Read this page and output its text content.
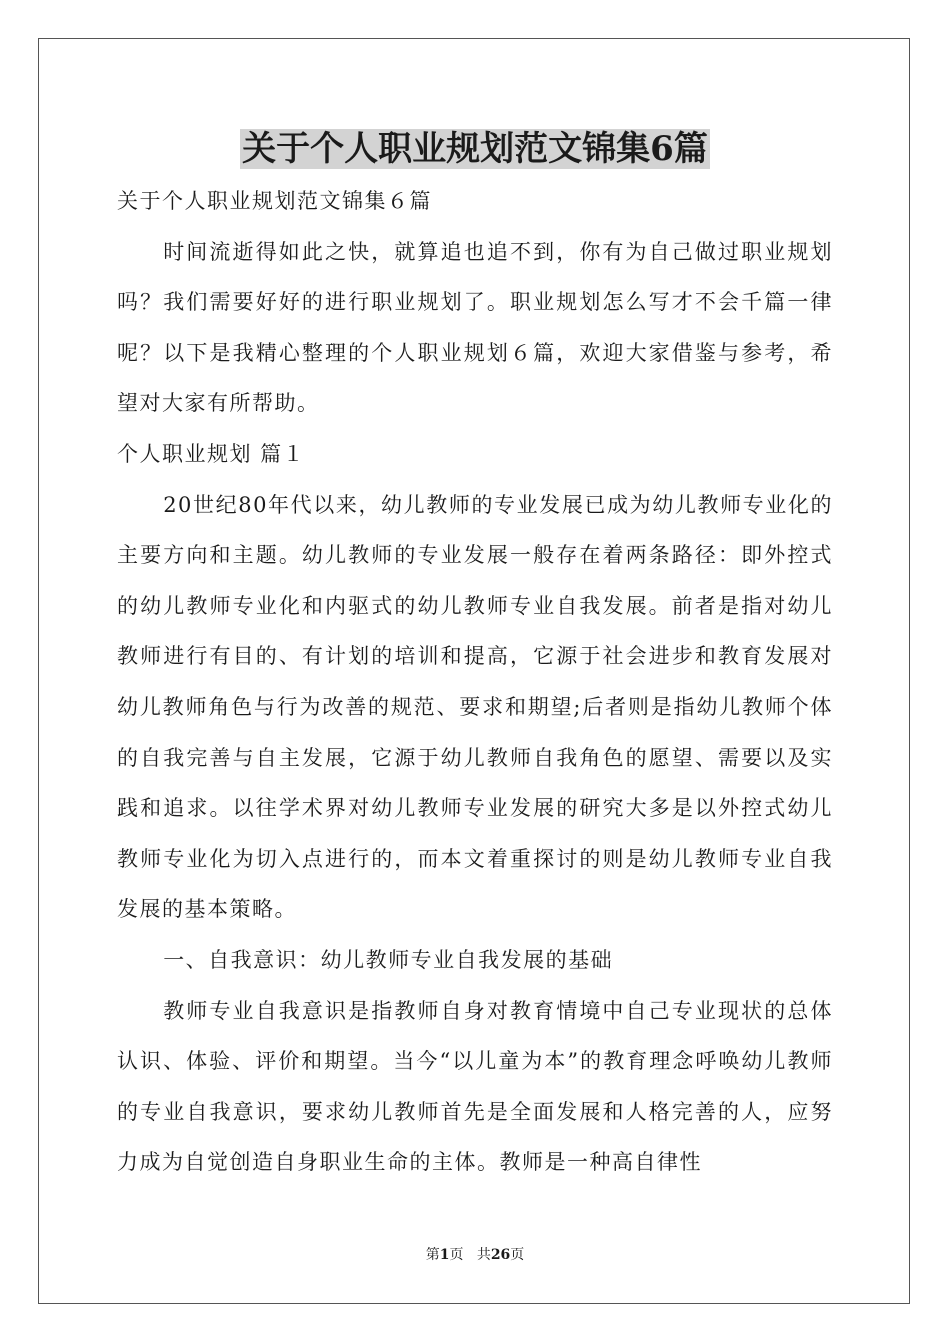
关于个人职业规划范文锦集6篇

关于个人职业规划范文锦集６篇

时间流逝得如此之快，就算追也追不到，你有为自己做过职业规划吗？我们需要好好的进行职业规划了。职业规划怎么写才不会千篇一律呢？以下是我精心整理的个人职业规划６篇，欢迎大家借鉴与参考，希望对大家有所帮助。

个人职业规划 篇１

20世纪80年代以来，幼儿教师的专业发展已成为幼儿教师专业化的主要方向和主题。幼儿教师的专业发展一般存在着两条路径：即外控式的幼儿教师专业化和内驱式的幼儿教师专业自我发展。前者是指对幼儿教师进行有目的、有计划的培训和提高，它源于社会进步和教育发展对幼儿教师角色与行为改善的规范、要求和期望;后者则是指幼儿教师个体的自我完善与自主发展，它源于幼儿教师自我角色的愿望、需要以及实践和追求。以往学术界对幼儿教师专业发展的研究大多是以外控式幼儿教师专业化为切入点进行的，而本文着重探讨的则是幼儿教师专业自我发展的基本策略。

一、自我意识：幼儿教师专业自我发展的基础

教师专业自我意识是指教师自身对教育情境中自己专业现状的总体认识、体验、评价和期望。当今“以儿童为本”的教育理念呼唤幼儿教师的专业自我意识，要求幼儿教师首先是全面发展和人格完善的人，应努力成为自觉创造自身职业生命的主体。教师是一种高自律性

第1页 共26页
